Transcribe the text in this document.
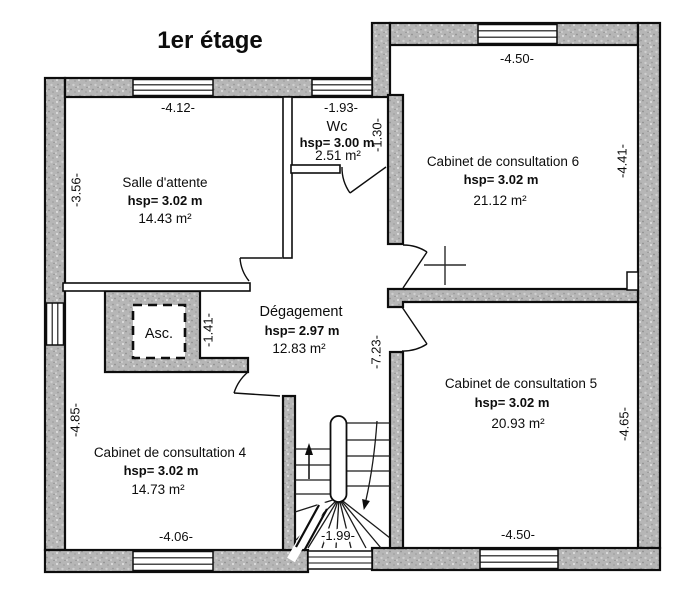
1er étage
Salle d'attente
hsp= 3.02 m
14.43 m²
Wc
hsp= 3.00 m
2.51 m²	Cabinet de consultation 6
hsp= 3.02 m
21.12 m²
Dégagement
hsp= 2.97 m
12.83 m²
Cabinet de consultation 4
hsp= 3.02 m
14.73 m²
Cabinet de consultation 5
hsp= 3.02 m
20.93 m²
Asc.
-4.12-	-1.93-
-4.50-
-3.56-
-1.30-
-4.41-
-1.41-
-7.23-
-4.85-	-4.65-
-4.06-	-1.99-	-4.50-
